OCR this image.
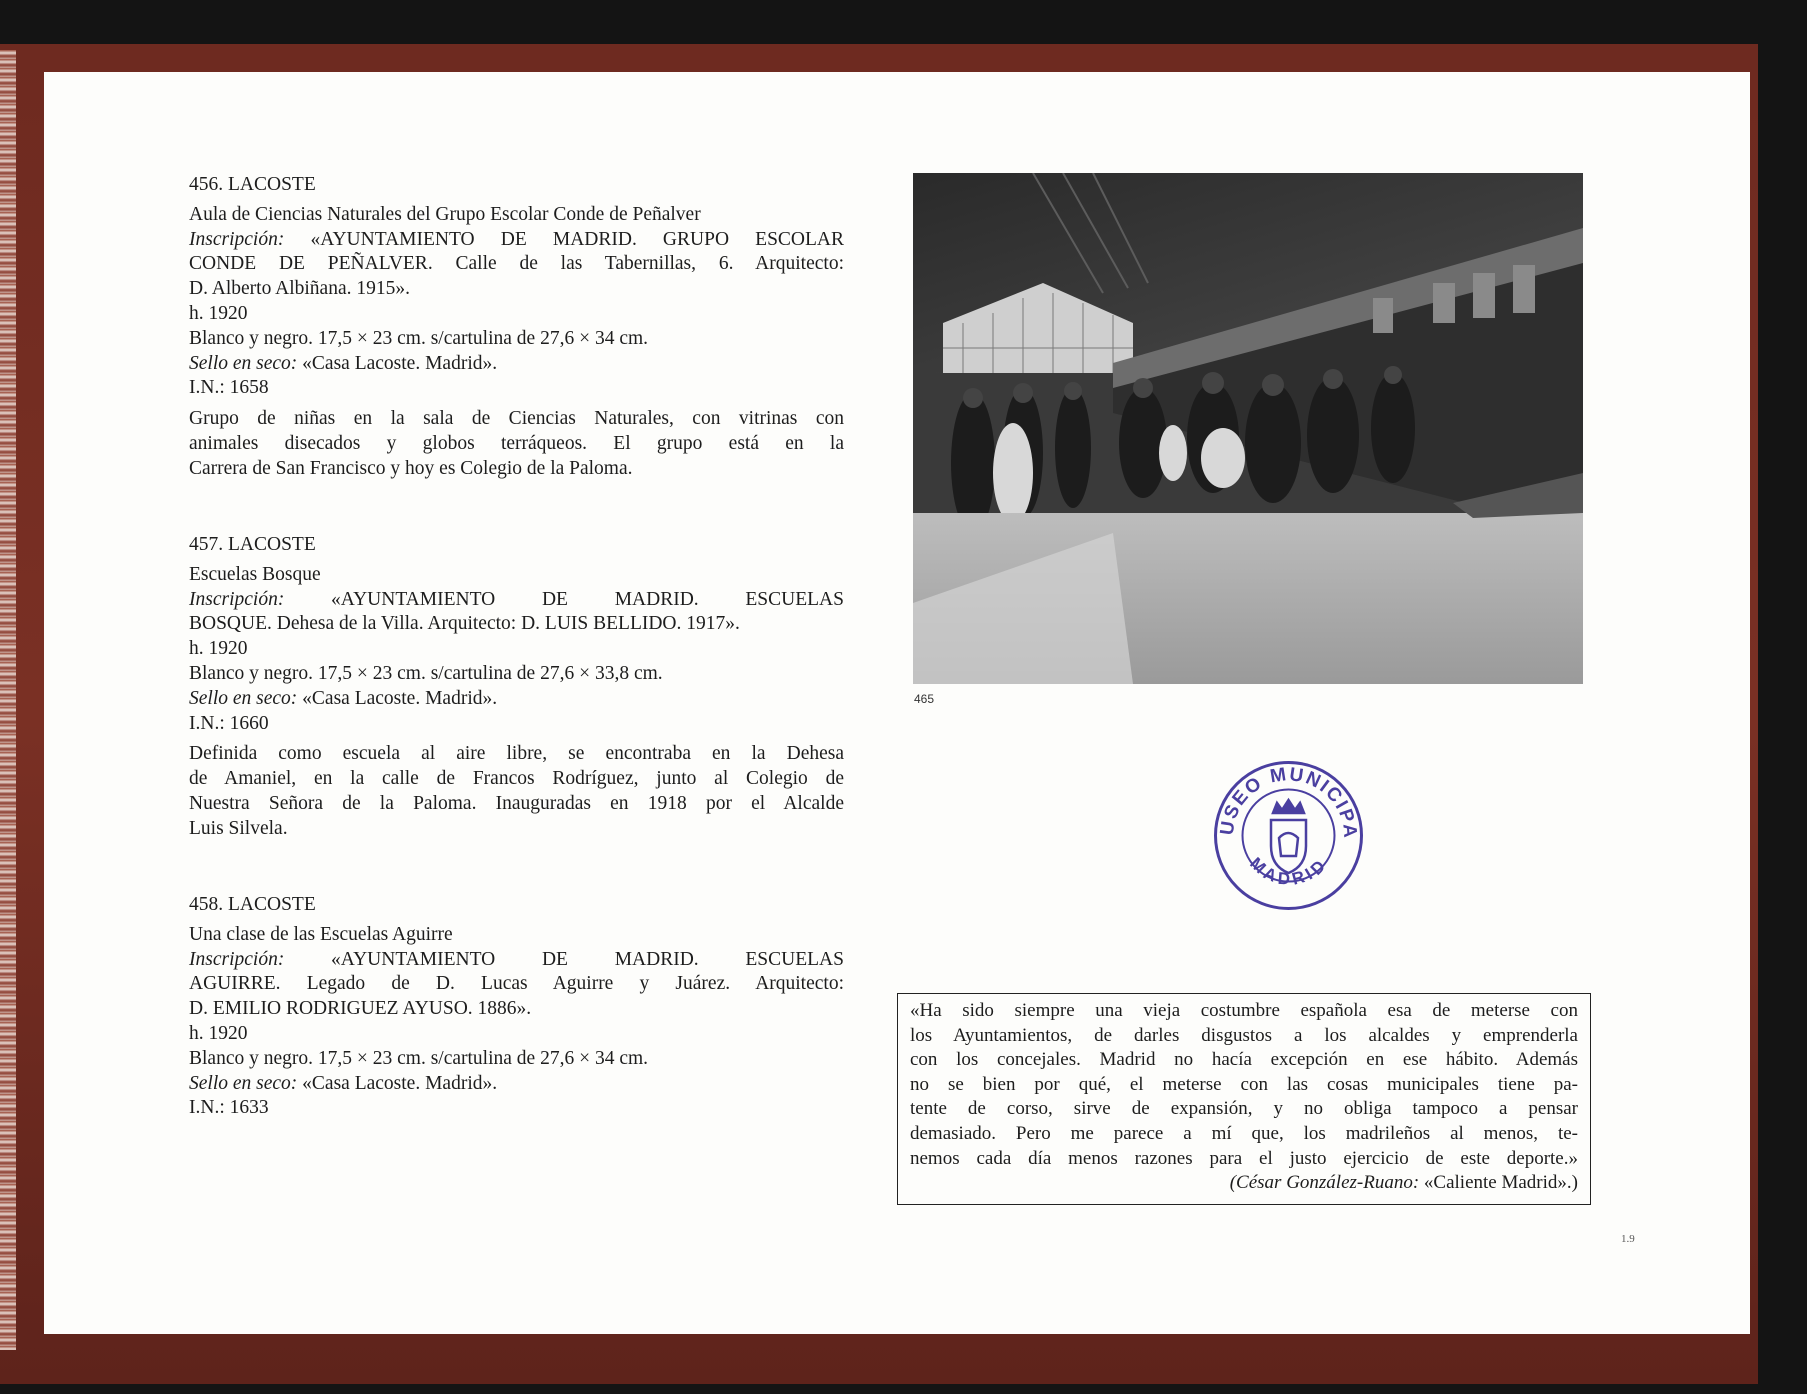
456. LACOSTE

Aula de Ciencias Naturales del Grupo Escolar Conde de Peñalver

Inscripción: «AYUNTAMIENTO DE MADRID. GRUPO ESCOLAR

CONDE DE PEÑALVER. Calle de las Tabernillas, 6. Arquitecto:

D. Alberto Albiñana. 1915».

h. 1920

Blanco y negro. 17,5 × 23 cm. s/cartulina de 27,6 × 34 cm.

Sello en seco: «Casa Lacoste. Madrid».

I.N.: 1658

Grupo de niñas en la sala de Ciencias Naturales, con vitrinas con

animales disecados y globos terráqueos. El grupo está en la

Carrera de San Francisco y hoy es Colegio de la Paloma.

457. LACOSTE

Escuelas Bosque

Inscripción: «AYUNTAMIENTO DE MADRID. ESCUELAS

BOSQUE. Dehesa de la Villa. Arquitecto: D. LUIS BELLIDO. 1917».

h. 1920

Blanco y negro. 17,5 × 23 cm. s/cartulina de 27,6 × 33,8 cm.

Sello en seco: «Casa Lacoste. Madrid».

I.N.: 1660

Definida como escuela al aire libre, se encontraba en la Dehesa

de Amaniel, en la calle de Francos Rodríguez, junto al Colegio de

Nuestra Señora de la Paloma. Inauguradas en 1918 por el Alcalde

Luis Silvela.

458. LACOSTE

Una clase de las Escuelas Aguirre

Inscripción: «AYUNTAMIENTO DE MADRID. ESCUELAS

AGUIRRE. Legado de D. Lucas Aguirre y Juárez. Arquitecto:

D. EMILIO RODRIGUEZ AYUSO. 1886».

h. 1920

Blanco y negro. 17,5 × 23 cm. s/cartulina de 27,6 × 34 cm.

Sello en seco: «Casa Lacoste. Madrid».

I.N.: 1633

465
USEO MUNICIPA
MADRID

«Ha sido siempre una vieja costumbre española esa de meterse con

los Ayuntamientos, de darles disgustos a los alcaldes y emprenderla

con los concejales. Madrid no hacía excepción en ese hábito. Además

no se bien por qué, el meterse con las cosas municipales tiene pa-

tente de corso, sirve de expansión, y no obliga tampoco a pensar

demasiado. Pero me parece a mí que, los madrileños al menos, te-

nemos cada día menos razones para el justo ejercicio de este deporte.»

(César González-Ruano: «Caliente Madrid».)

1.9
